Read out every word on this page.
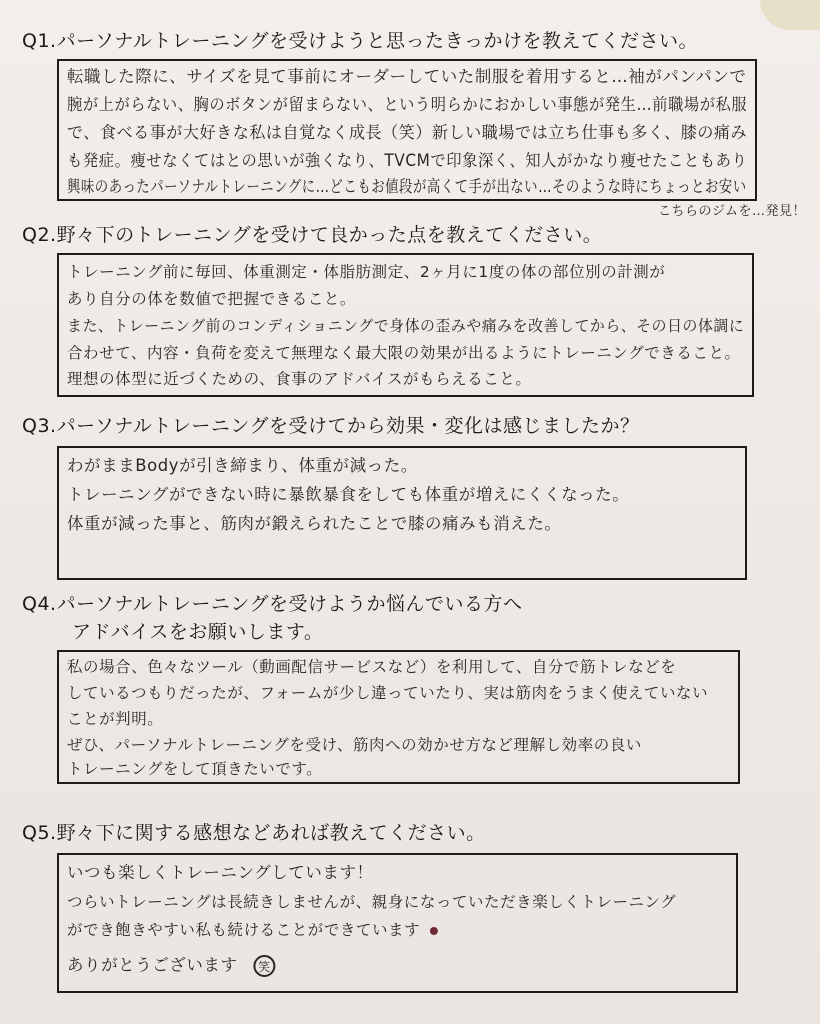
Q1.パーソナルトレーニングを受けようと思ったきっかけを教えてください。
転職した際に、サイズを見て事前にオーダーしていた制服を着用すると…袖がパンパンで
腕が上がらない、胸のボタンが留まらない、という明らかにおかしい事態が発生…前職場が私服
で、食べる事が大好きな私は自覚なく成長（笑）新しい職場では立ち仕事も多く、膝の痛み
も発症。痩せなくてはとの思いが強くなり、TVCMで印象深く、知人がかなり痩せたこともあり
興味のあったパーソナルトレーニングに…どこもお値段が高くて手が出ない…そのような時にちょっとお安い
こちらのジムを…発見！
Q2.野々下のトレーニングを受けて良かった点を教えてください。
トレーニング前に毎回、体重測定・体脂肪測定、2ヶ月に1度の体の部位別の計測が
あり自分の体を数値で把握できること。
また、トレーニング前のコンディショニングで身体の歪みや痛みを改善してから、その日の体調に
合わせて、内容・負荷を変えて無理なく最大限の効果が出るようにトレーニングできること。
理想の体型に近づくための、食事のアドバイスがもらえること。
Q3.パーソナルトレーニングを受けてから効果・変化は感じましたか？
わがままBodyが引き締まり、体重が減った。
トレーニングができない時に暴飲暴食をしても体重が増えにくくなった。
体重が減った事と、筋肉が鍛えられたことで膝の痛みも消えた。
Q4.パーソナルトレーニングを受けようか悩んでいる方へ
アドバイスをお願いします。
私の場合、色々なツール（動画配信サービスなど）を利用して、自分で筋トレなどを
しているつもりだったが、フォームが少し違っていたり、実は筋肉をうまく使えていない
ことが判明。
ぜひ、パーソナルトレーニングを受け、筋肉への効かせ方など理解し効率の良い
トレーニングをして頂きたいです。
Q5.野々下に関する感想などあれば教えてください。
いつも楽しくトレーニングしています！
つらいトレーニングは長続きしませんが、親身になっていただき楽しくトレーニング
ができ飽きやすい私も続けることができています
ありがとうございます 笑
